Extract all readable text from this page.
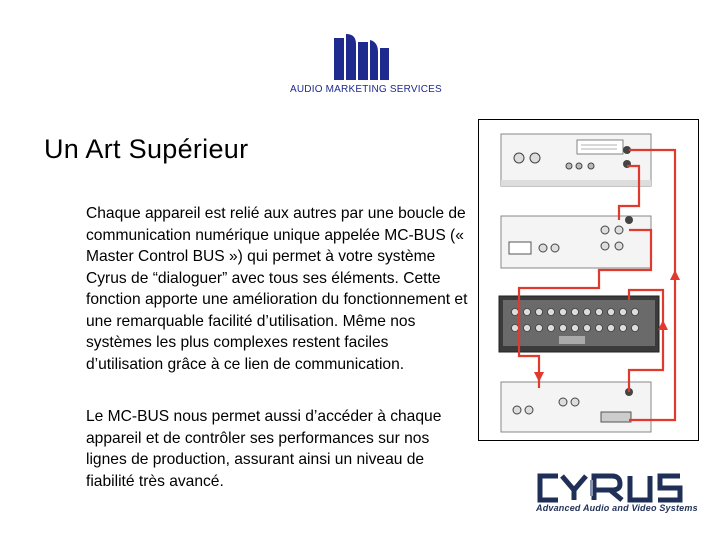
AUDIO MARKETING SERVICES
Un Art Supérieur

Chaque appareil est relié aux autres par une boucle de communication numérique unique appelée MC-BUS (« Master Control BUS ») qui permet à votre système Cyrus de “dialoguer” avec tous ses éléments. Cette fonction apporte une amélioration du fonctionnement et une remarquable facilité d’utilisation. Même nos systèmes les plus complexes restent faciles d’utilisation grâce à ce lien de communication.

Le MC-BUS nous permet aussi d’accéder à chaque appareil et de contrôler ses performances sur nos lignes de production, assurant ainsi un niveau de fiabilité très avancé.

Advanced Audio and Video Systems
